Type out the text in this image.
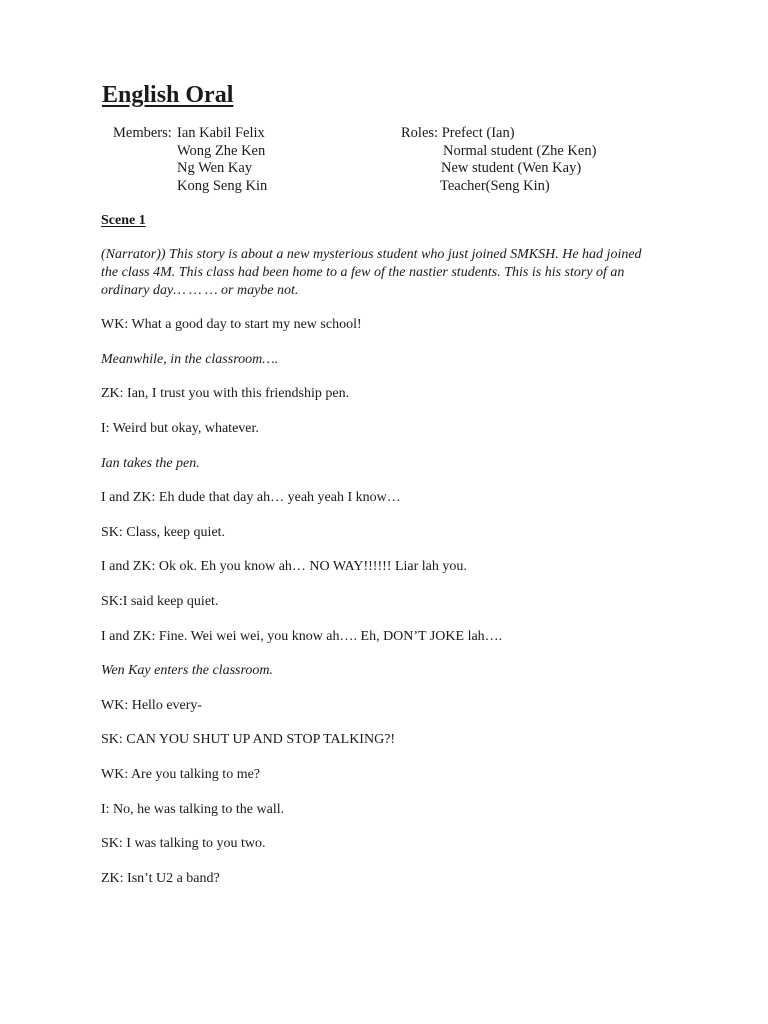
English Oral
Members: Ian Kabil Felix
Wong Zhe Ken
Ng Wen Kay
Kong Seng Kin
Roles: Prefect (Ian)
Normal student (Zhe Ken)
New student (Wen Kay)
Teacher(Seng Kin)
Scene 1

(Narrator)) This story is about a new mysterious student who just joined SMKSH. He had joined the class 4M. This class had been home to a few of the nastier students. This is his story of an ordinary day… … … or maybe not.

WK: What a good day to start my new school!

Meanwhile, in the classroom….

ZK: Ian, I trust you with this friendship pen.

I: Weird but okay, whatever.

Ian takes the pen.

I and ZK: Eh dude that day ah… yeah yeah I know…

SK: Class, keep quiet.

I and ZK: Ok ok. Eh you know ah… NO WAY!!!!!! Liar lah you.

SK:I said keep quiet.

I and ZK: Fine. Wei wei wei, you know ah…. Eh, DON’T JOKE lah….

Wen Kay enters the classroom.

WK: Hello every-

SK: CAN YOU SHUT UP AND STOP TALKING?!

WK: Are you talking to me?

I: No, he was talking to the wall.

SK: I was talking to you two.

ZK: Isn’t U2 a band?
